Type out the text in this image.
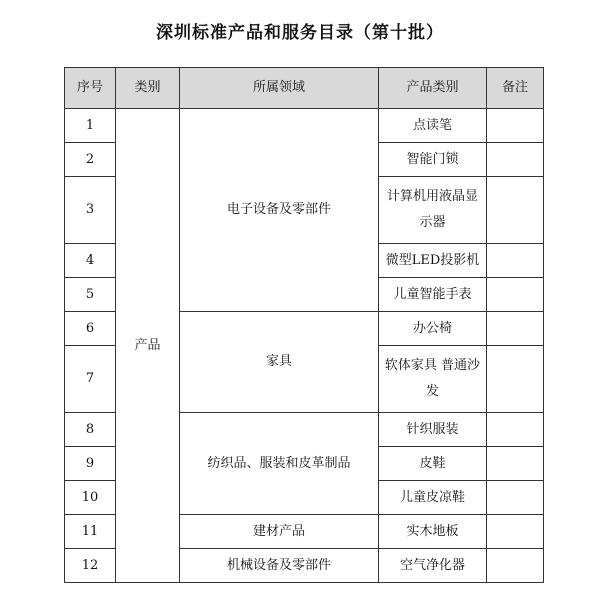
深圳标准产品和服务目录（第十批）
序号	类别	所属领域	产品类别	备注
1	产品	电子设备及零部件	点读笔	
2			智能门锁	
3			计算机用液晶显示器	
4			微型LED投影机	
5			儿童智能手表	
6		家具	办公椅	
7			软体家具 普通沙发	
8		纺织品、服装和皮革制品	针织服装	
9			皮鞋	
10			儿童皮凉鞋	
11		建材产品	实木地板	
12		机械设备及零部件	空气净化器	
